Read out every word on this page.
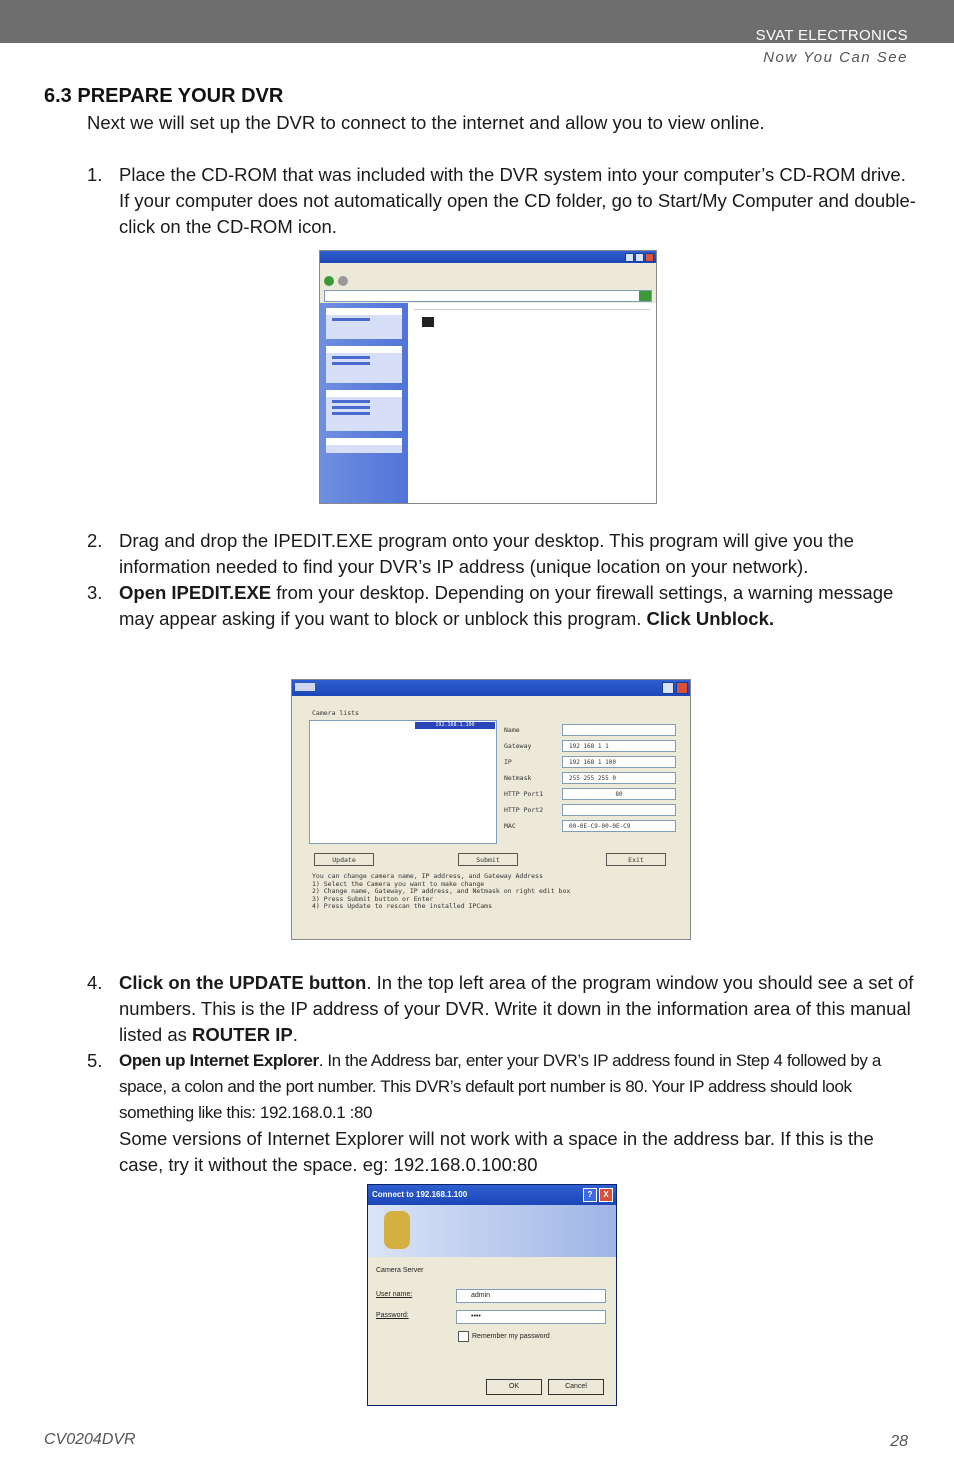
SVAT ELECTRONICS
Now You Can See
6.3 PREPARE YOUR DVR
Next we will set up the DVR to connect to the internet and allow you to view online.
1. Place the CD-ROM that was included with the DVR system into your computer’s CD-ROM drive. If your computer does not automatically open the CD folder, go to Start/My Computer and double-click on the CD-ROM icon.
2. Drag and drop the IPEDIT.EXE program onto your desktop. This program will give you the information needed to find your DVR’s IP address (unique location on your network).
3. Open IPEDIT.EXE from your desktop. Depending on your firewall settings, a warning message may appear asking if you want to block or unblock this program. Click Unblock.
Camera lists
192.168.1.100
Name
Gateway	192 168 1 1
IP	192 168 1 100
Netmask	255 255 255 0
HTTP Port1	80
HTTP Port2
MAC	00-0E-C9-00-0E-C9
Update	Submit	Exit
You can change camera name, IP address, and Gateway Address
1) Select the Camera you want to make change
2) Change name, Gateway, IP address, and Netmask on right edit box
3) Press Submit button or Enter
4) Press Update to rescan the installed IPCams
4. Click on the UPDATE button. In the top left area of the program window you should see a set of numbers. This is the IP address of your DVR. Write it down in the information area of this manual listed as ROUTER IP.
5. Open up Internet Explorer. In the Address bar, enter your DVR’s IP address found in Step 4 followed by a space, a colon and the port number. This DVR’s default port number is 80. Your IP address should look something like this: 192.168.0.1 :80
Some versions of Internet Explorer will not work with a space in the address bar. If this is the case, try it without the space. eg: 192.168.0.100:80
Connect to 192.168.1.100	?	X
Camera Server
User name:	admin
Password:	••••
Remember my password
OK	Cancel
CV0204DVR	28
